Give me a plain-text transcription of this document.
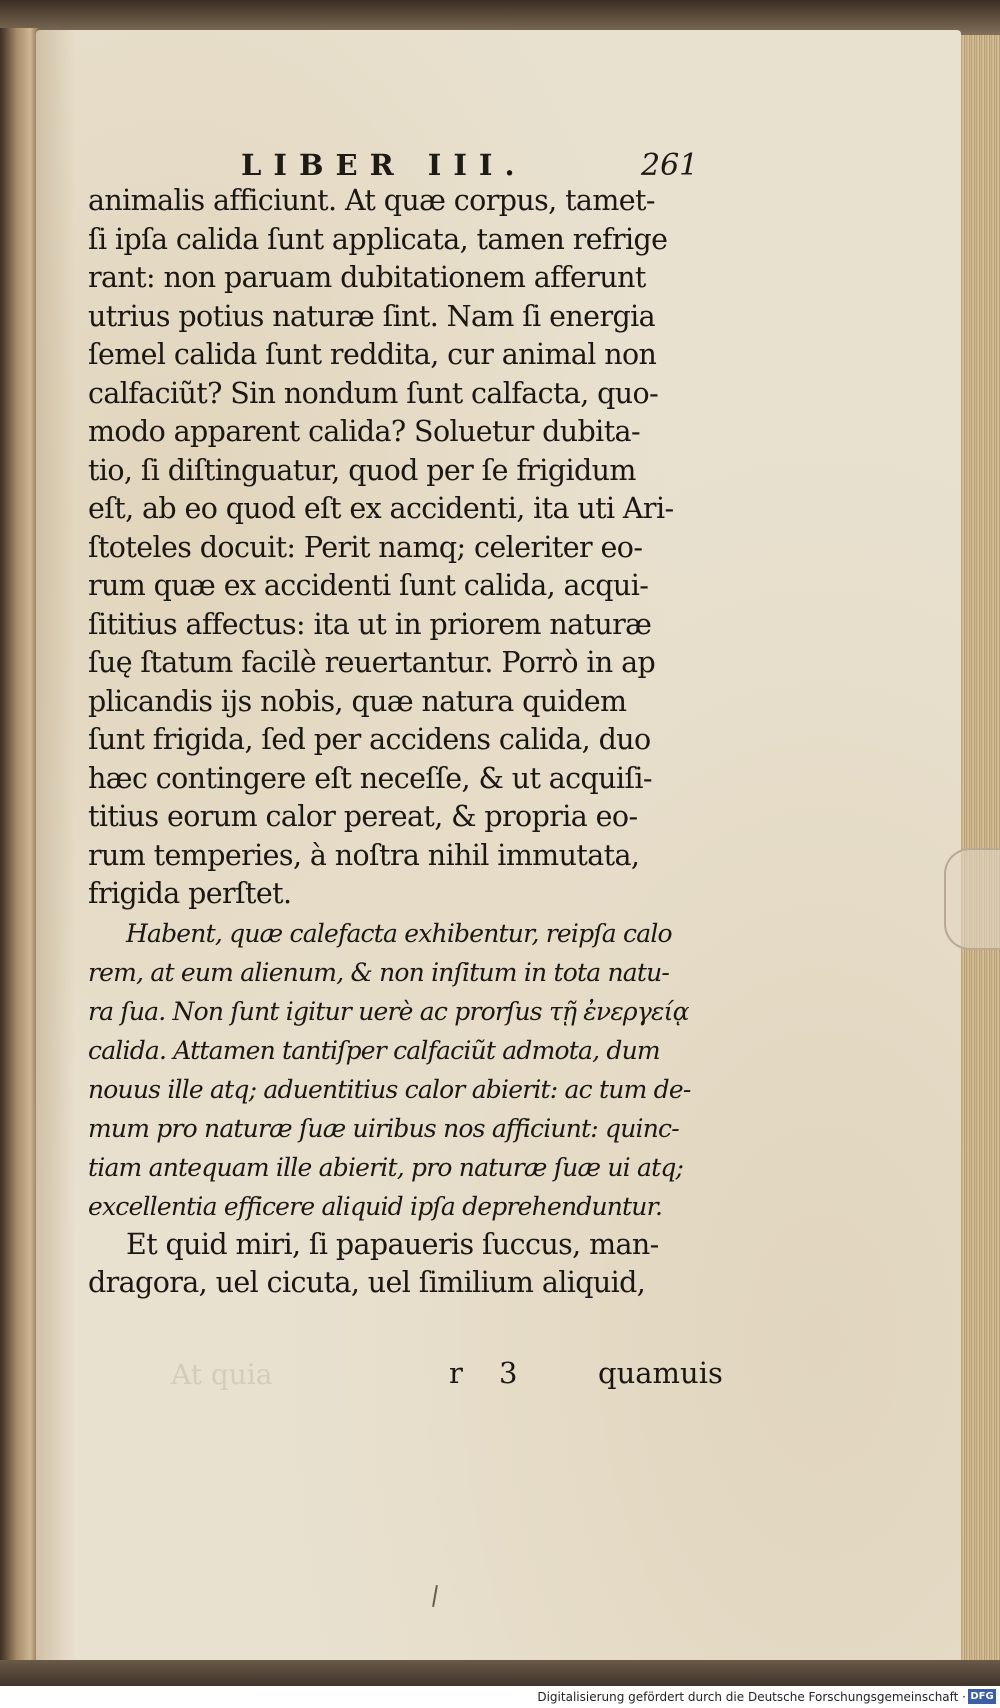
LIBER III.	261
animalis afficiunt. At quæ corpus, tamet-
ſi ipſa calida ſunt applicata, tamen refrige
rant: non paruam dubitationem afferunt
utrius potius naturæ ſint. Nam ſi energia
ſemel calida ſunt reddita, cur animal non
calfaciũt? Sin nondum ſunt calfacta, quo-
modo apparent calida? Soluetur dubita-
tio, ſi diſtinguatur, quod per ſe frigidum
eſt, ab eo quod eſt ex accidenti, ita uti Ari-
ſtoteles docuit: Perit namq; celeriter eo-
rum quæ ex accidenti ſunt calida, acqui-
ſititius affectus: ita ut in priorem naturæ
ſuę ſtatum facilè reuertantur. Porrò in ap
plicandis ijs nobis, quæ natura quidem
ſunt frigida, ſed per accidens calida, duo
hæc contingere eſt neceſſe, & ut acquiſi-
titius eorum calor pereat, & propria eo-
rum temperies, à noſtra nihil immutata,
frigida perſtet.
Habent, quæ calefacta exhibentur, reipſa calo
rem, at eum alienum, & non inſitum in tota natu-
ra ſua. Non ſunt igitur uerè ac prorſus τῇ ἐνεργείᾳ
calida. Attamen tantiſper calfaciũt admota, dum
nouus ille atq; aduentitius calor abierit: ac tum de-
mum pro naturæ ſuæ uiribus nos afficiunt: quinc-
tiam antequam ille abierit, pro naturæ ſuæ ui atq;
excellentia efficere aliquid ipſa deprehenduntur.
Et quid miri, ſi papaueris ſuccus, man-
dragora, uel cicuta, uel ſimilium aliquid,
r 3	quamuis
At quia
Digitalisierung gefördert durch die Deutsche Forschungsgemeinschaft · DFG
